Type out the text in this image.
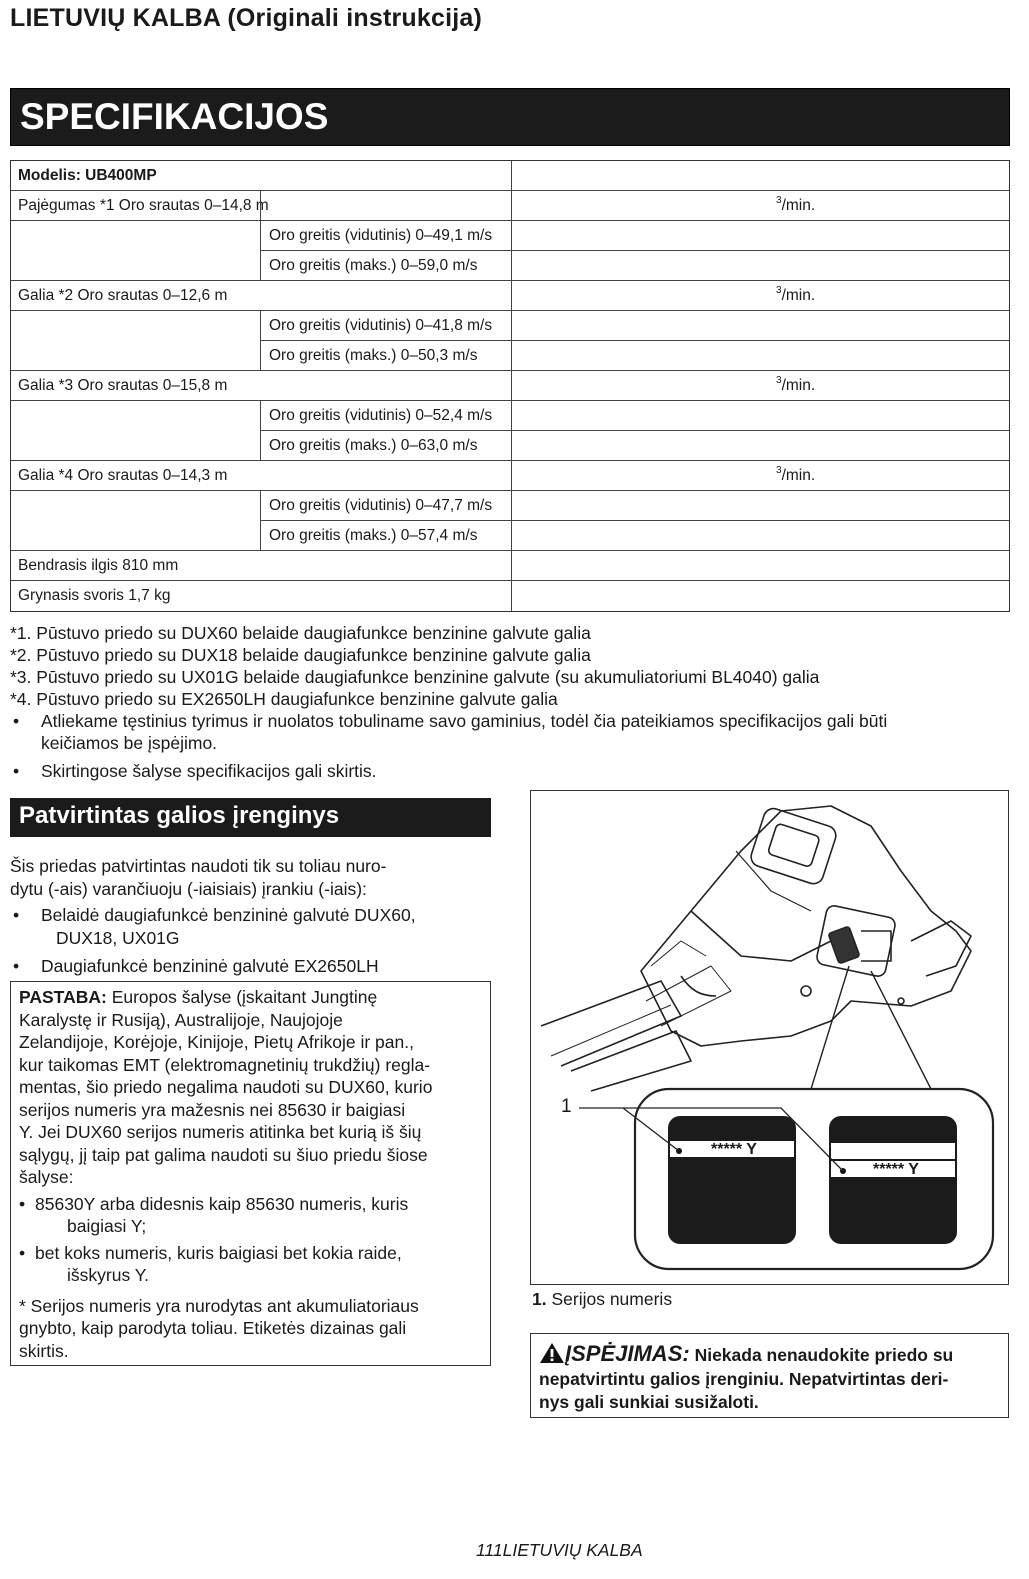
LIETUVIŲ KALBA (Originali instrukcija)
SPECIFIKACIJOS
Modelis: UB400MP
Pajėgumas *1 Oro srautas 0–14,8 m	$^3$ /min.
Oro greitis (vidutinis) 0–49,1 m/s
Oro greitis (maks.) 0–59,0 m/s
Galia *2 Oro srautas 0–12,6 m	$^3$ /min.
Oro greitis (vidutinis) 0–41,8 m/s
Oro greitis (maks.) 0–50,3 m/s
Galia *3 Oro srautas 0–15,8 m	$^3$ /min.
Oro greitis (vidutinis) 0–52,4 m/s
Oro greitis (maks.) 0–63,0 m/s
Galia *4 Oro srautas 0–14,3 m	$^3$ /min.
Oro greitis (vidutinis) 0–47,7 m/s
Oro greitis (maks.) 0–57,4 m/s
Bendrasis ilgis 810 mm
Grynasis svoris 1,7 kg
*1. Pūstuvo priedo su DUX60 belaide daugiafunkce benzinine galvute galia
*2. Pūstuvo priedo su DUX18 belaide daugiafunkce benzinine galvute galia
*3. Pūstuvo priedo su UX01G belaide daugiafunkce benzinine galvute (su akumuliatoriumi BL4040) galia
*4. Pūstuvo priedo su EX2650LH daugiafunkce benzinine galvute galia
• Atliekame tęstinius tyrimus ir nuolatos tobuliname savo gaminius, todėl čia pateikiamos specifikacijos gali būti
keičiamos be įspėjimo.
• Skirtingose šalyse specifikacijos gali skirtis.
Patvirtintas galios įrenginys
Šis priedas patvirtintas naudoti tik su toliau nuro-
dytu (-ais) varančiuoju (-iaisiais) įrankiu (-iais):
• Belaidė daugiafunkcė benzininė galvutė DUX60,
DUX18, UX01G
• Daugiafunkcė benzininė galvutė EX2650LH
PASTABA: Europos šalyse (įskaitant Jungtinę
Karalystę ir Rusiją), Australijoje, Naujojoje
Zelandijoje, Korėjoje, Kinijoje, Pietų Afrikoje ir pan.,
kur taikomas EMT (elektromagnetinių trukdžių) regla-
mentas, šio priedo negalima naudoti su DUX60, kurio
serijos numeris yra mažesnis nei 85630 ir baigiasi
Y. Jei DUX60 serijos numeris atitinka bet kurią iš šių
sąlygų, jį taip pat galima naudoti su šiuo priedu šiose
šalyse:
• 85630Y arba didesnis kaip 85630 numeris, kuris
baigiasi Y;
• bet koks numeris, kuris baigiasi bet kokia raide,
išskyrus Y.
* Serijos numeris yra nurodytas ant akumuliatoriaus
gnybto, kaip parodyta toliau. Etiketės dizainas gali
skirtis.
1
***** Y
***** Y
1. Serijos numeris
ĮSPĖJIMAS: Niekada nenaudokite priedo su
nepatvirtintu galios įrenginiu. Nepatvirtintas deri-
nys gali sunkiai susižaloti.
111LIETUVIŲ KALBA
